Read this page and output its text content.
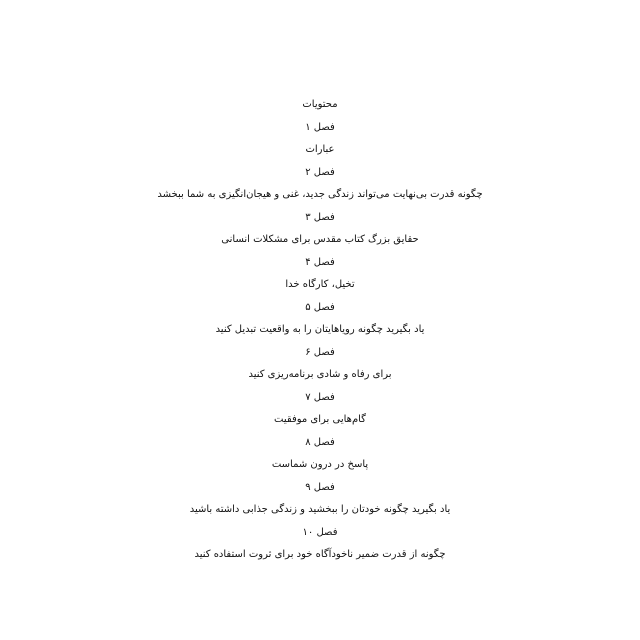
محتویات
فصل ۱
عبارات
فصل ۲
چگونه قدرت بی‌نهایت می‌تواند زندگی جدید، غنی و هیجان‌انگیزی به شما ببخشد
فصل ۳
حقایق بزرگ کتاب مقدس برای مشکلات انسانی
فصل ۴
تخیل، کارگاه خدا
فصل ۵
یاد بگیرید چگونه رویاهایتان را به واقعیت تبدیل کنید
فصل ۶
برای رفاه و شادی برنامه‌ریزی کنید
فصل ۷
گام‌هایی برای موفقیت
فصل ۸
پاسخ در درون شماست
فصل ۹
یاد بگیرید چگونه خودتان را ببخشید و زندگی جذابی داشته باشید
فصل ۱۰
چگونه از قدرت ضمیر ناخودآگاه خود برای ثروت استفاده کنید
